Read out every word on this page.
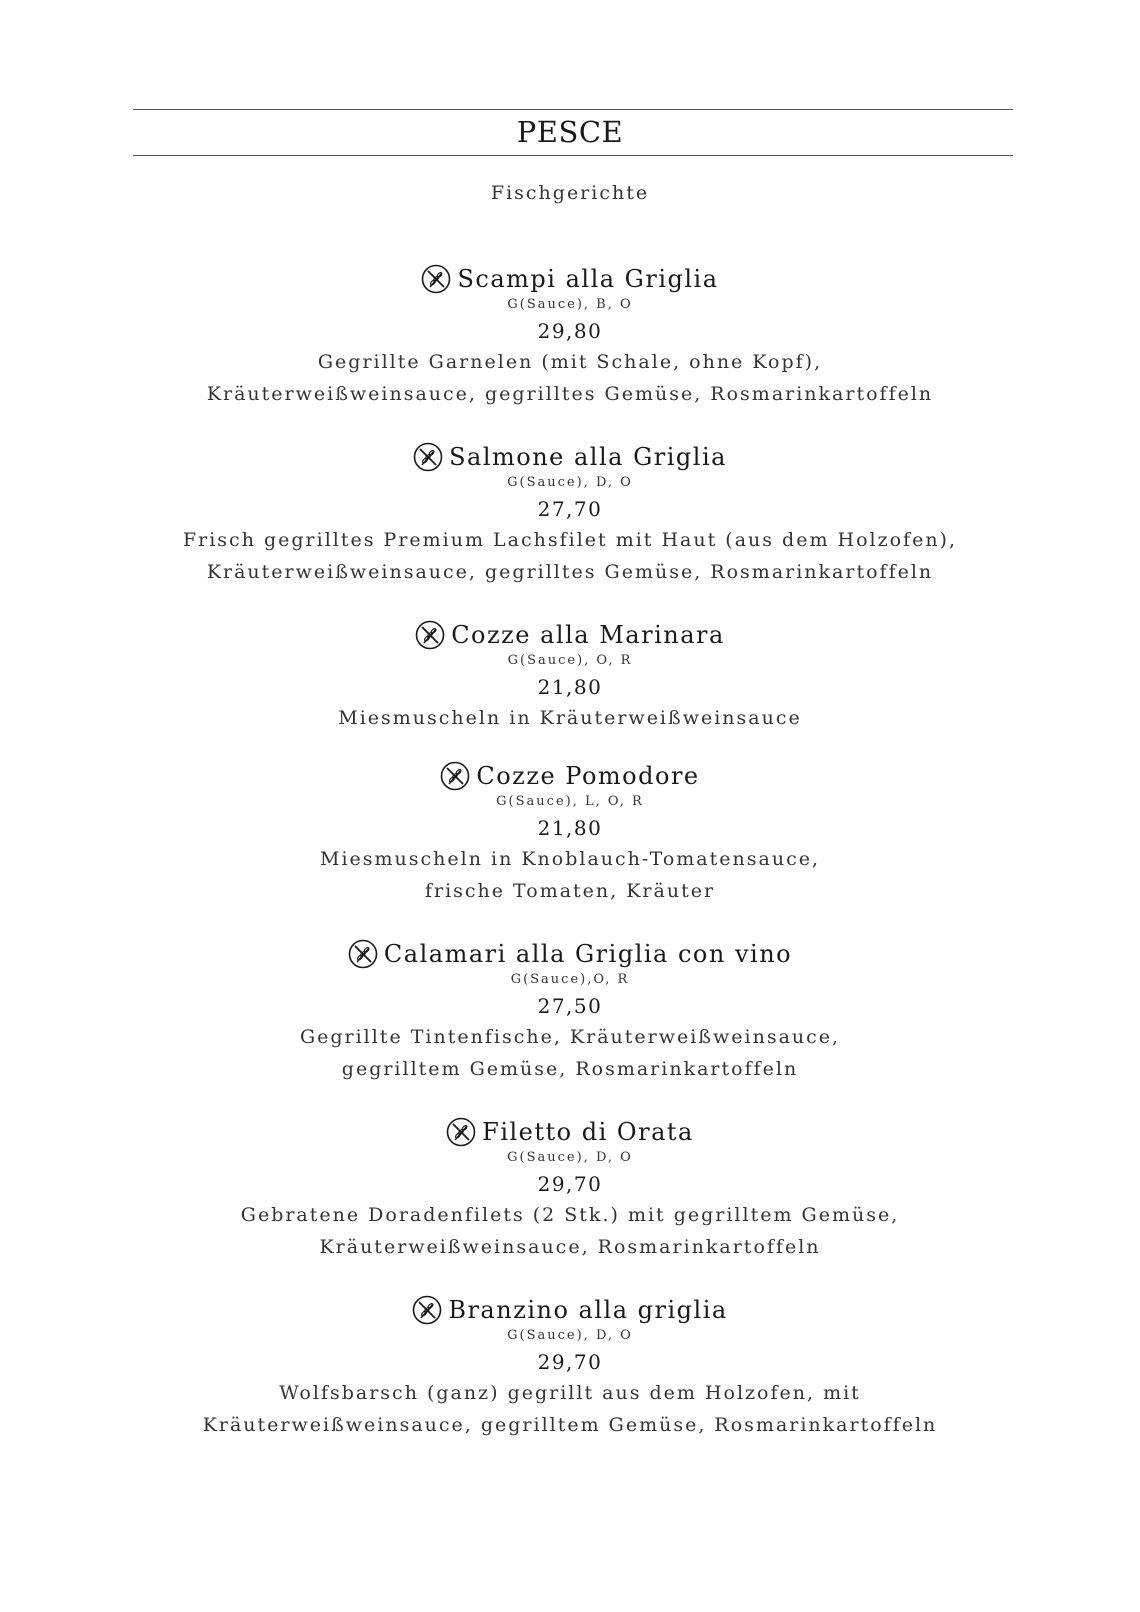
PESCE
Fischgerichte
Scampi alla Griglia
G(Sauce), B, O
29,80
Gegrillte Garnelen (mit Schale, ohne Kopf),
Kräuterweißweinsauce, gegrilltes Gemüse, Rosmarinkartoffeln
Salmone alla Griglia
G(Sauce), D, O
27,70
Frisch gegrilltes Premium Lachsfilet mit Haut (aus dem Holzofen),
Kräuterweißweinsauce, gegrilltes Gemüse, Rosmarinkartoffeln
Cozze alla Marinara
G(Sauce), O, R
21,80
Miesmuscheln in Kräuterweißweinsauce
Cozze Pomodore
G(Sauce), L, O, R
21,80
Miesmuscheln in Knoblauch-Tomatensauce,
frische Tomaten, Kräuter
Calamari alla Griglia con vino
G(Sauce),O, R
27,50
Gegrillte Tintenfische, Kräuterweißweinsauce,
gegrilltem Gemüse, Rosmarinkartoffeln
Filetto di Orata
G(Sauce), D, O
29,70
Gebratene Doradenfilets (2 Stk.) mit gegrilltem Gemüse,
Kräuterweißweinsauce, Rosmarinkartoffeln
Branzino alla griglia
G(Sauce), D, O
29,70
Wolfsbarsch (ganz) gegrillt aus dem Holzofen, mit
Kräuterweißweinsauce, gegrilltem Gemüse, Rosmarinkartoffeln
